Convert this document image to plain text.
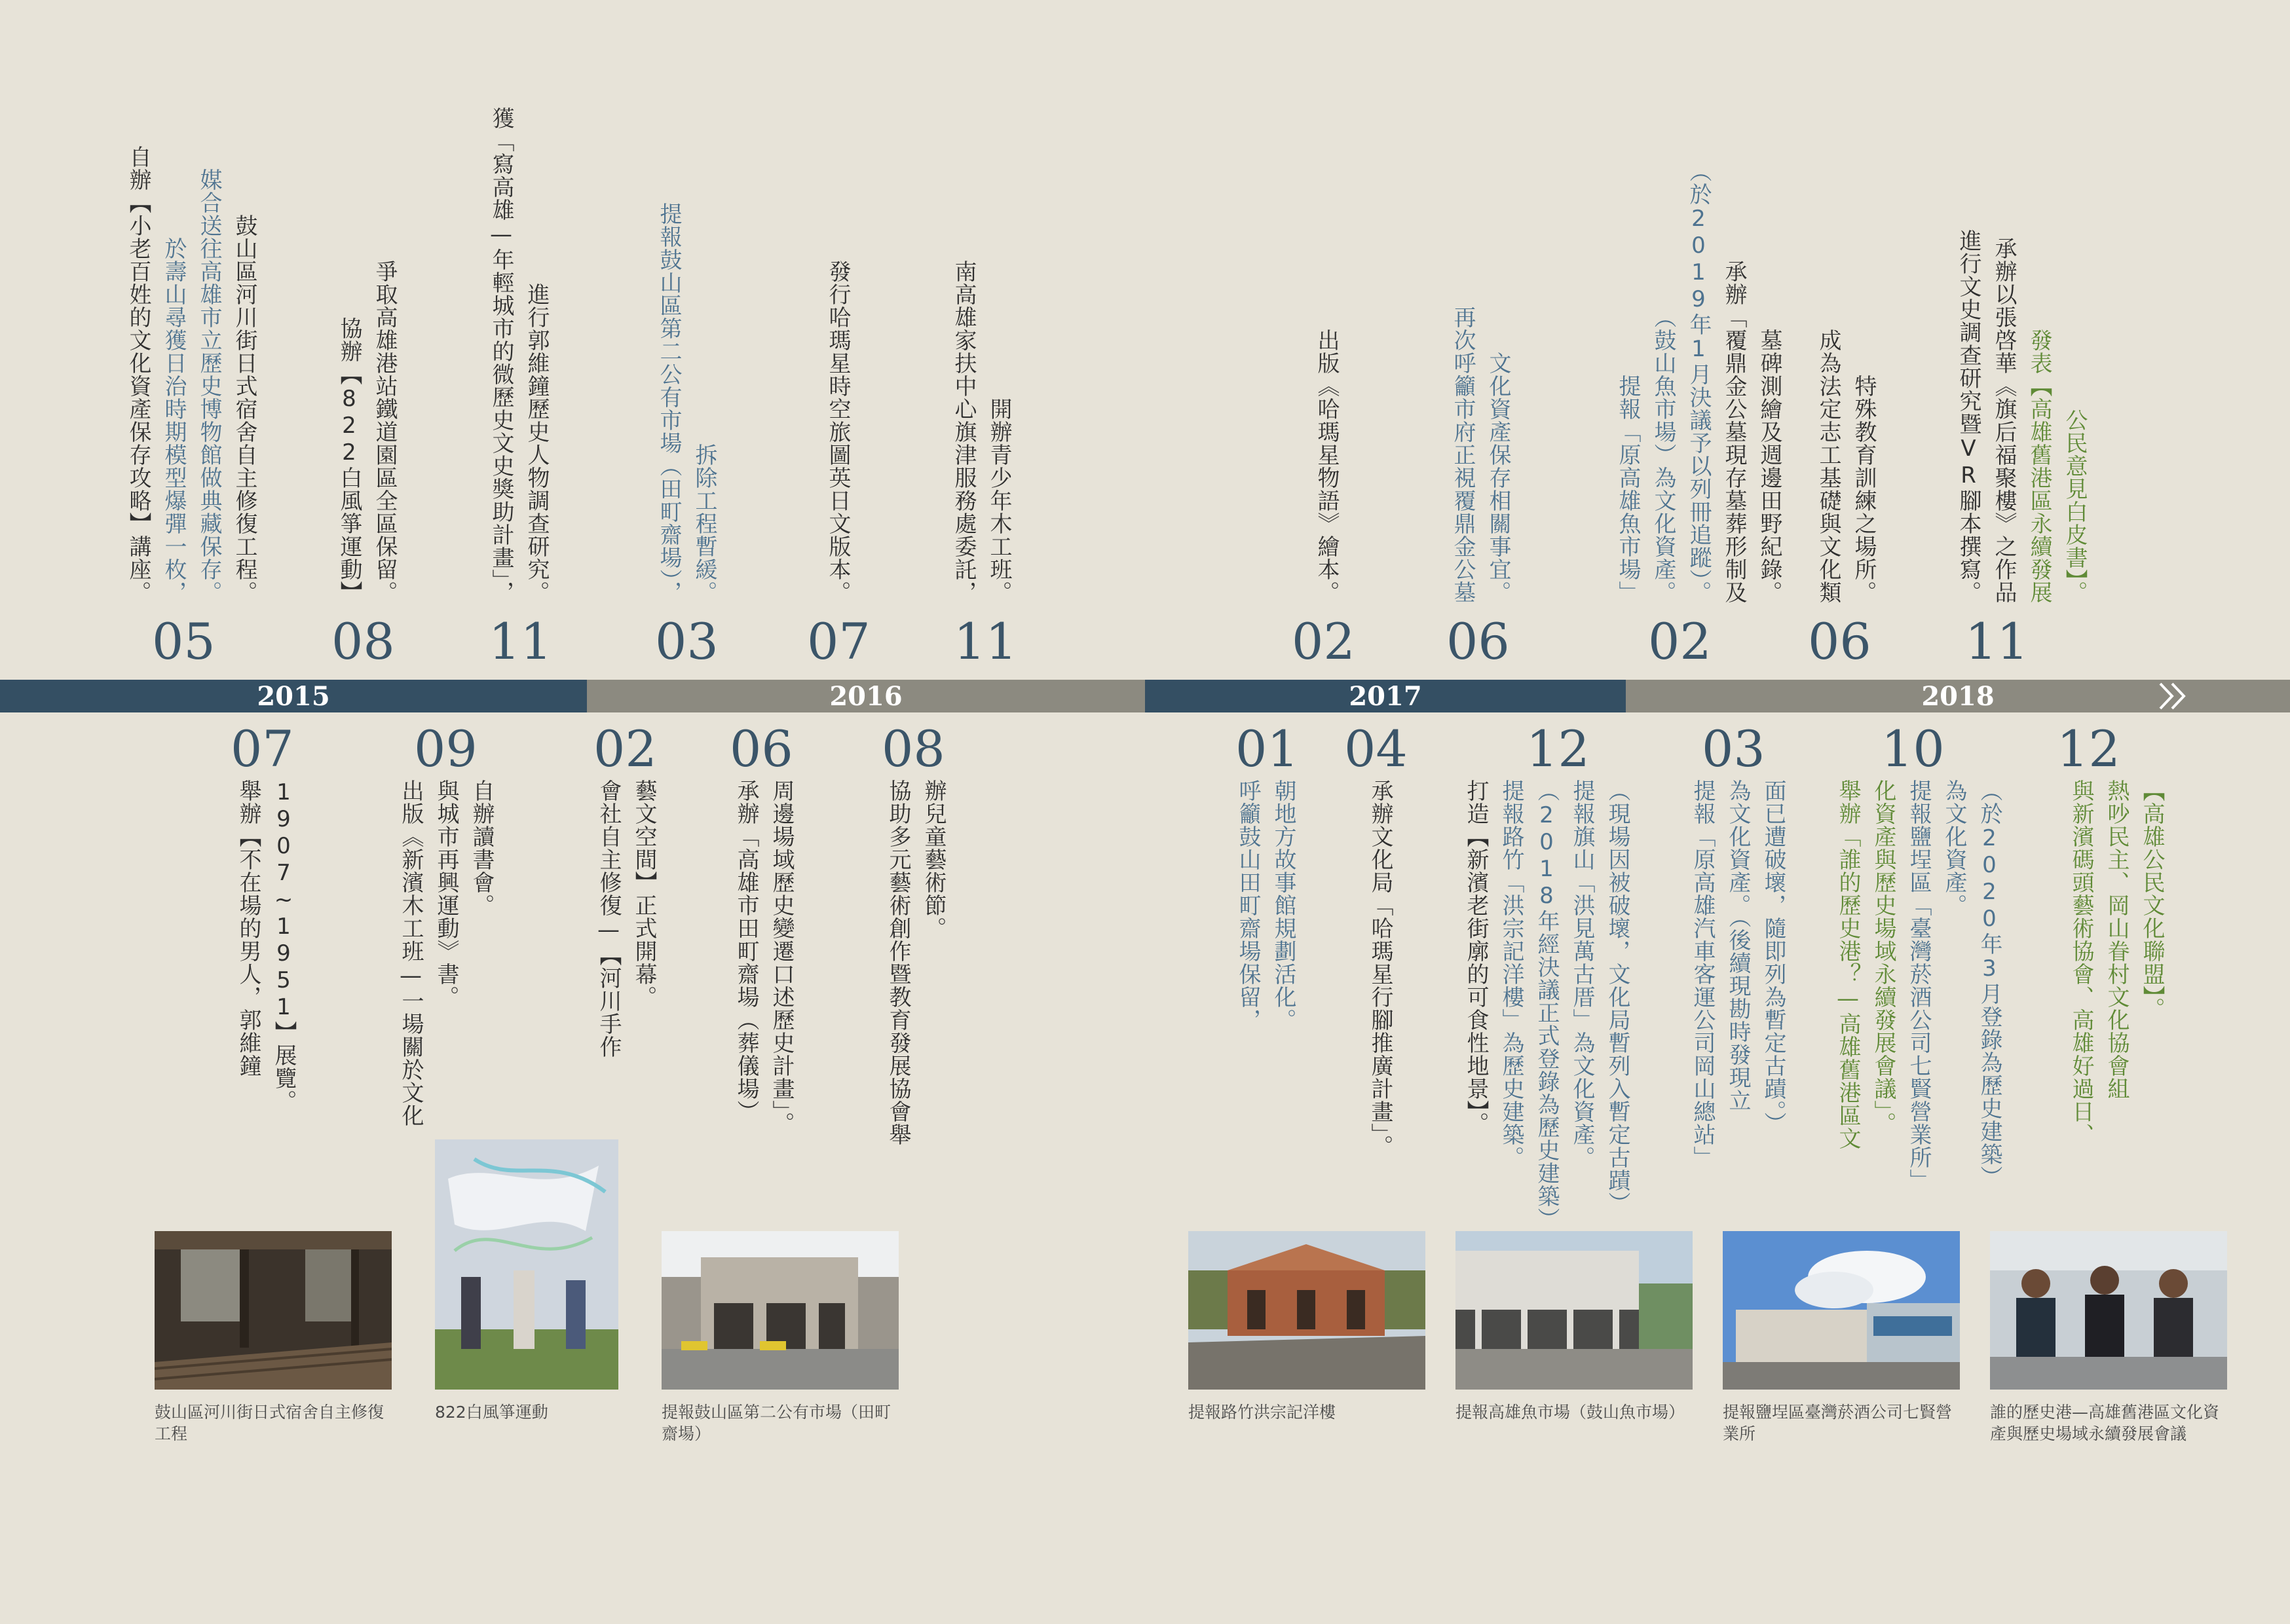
鼓山區河川街日式宿舍自主修復工程。
媒合送往高雄市立歷史博物館做典藏保存。
於壽山尋獲日治時期模型爆彈一枚，
自辦【小老百姓的文化資產保存攻略】講座。
05
爭取高雄港站鐵道園區全區保留。
協辦【822白風箏運動】
08
進行郭維鐘歷史人物調查研究。
獲「寫高雄—年輕城市的微歷史文史獎助計畫」，
11
拆除工程暫緩。
提報鼓山區第二公有市場（田町齋場），
03
發行哈瑪星時空旅圖英日文版本。
07
開辦青少年木工班。
南高雄家扶中心旗津服務處委託，
11
出版《哈瑪星物語》繪本。
02
文化資產保存相關事宜。
再次呼籲市府正視覆鼎金公墓
06
墓碑測繪及週邊田野紀錄。
承辦「覆鼎金公墓現存墓葬形制及
（於2019年1月決議予以列冊追蹤）。
（鼓山魚市場）為文化資產。
提報「原高雄魚市場」
02
特殊教育訓練之場所。
成為法定志工基礎與文化類
06
公民意見白皮書】。
發表【高雄舊港區永續發展
承辦以張啓華《旗后福聚樓》之作品
進行文史調查研究暨VR腳本撰寫。
11
2015	2016	2017	2018
07
1907~1951】展覽。
舉辦【不在場的男人，郭維鐘
09
自辦讀書會。
與城市再興運動》書。
出版《新濱木工班—一場關於文化
02
藝文空間】正式開幕。
會社自主修復—【河川手作
06
周邊場域歷史變遷口述歷史計畫」。
承辦「高雄市田町齋場（葬儀場）
08
辦兒童藝術節。
協助多元藝術創作暨教育發展協會舉
01
朝地方故事館規劃活化。
呼籲鼓山田町齋場保留，
04
承辦文化局「哈瑪星行腳推廣計畫」。
12
（現場因被破壞，文化局暫列入暫定古蹟）
提報旗山「洪見萬古厝」為文化資產。
（2018年經決議正式登錄為歷史建築）
提報路竹「洪宗記洋樓」為歷史建築。
打造【新濱老街廓的可食性地景】。
03
面已遭破壞，隨即列為暫定古蹟。）
為文化資產。（後續現勘時發現立
提報「原高雄汽車客運公司岡山總站」
10
（於2020年3月登錄為歷史建築）
為文化資產。
提報鹽埕區「臺灣菸酒公司七賢營業所」
化資產與歷史場域永續發展會議」。
舉辦「誰的歷史港？—高雄舊港區文
12
【高雄公民文化聯盟】。
熱吵民主、岡山眷村文化協會組
與新濱碼頭藝術協會、高雄好過日、
鼓山區河川街日式宿舍自主修復工程
822白風箏運動	提報鼓山區第二公有市場（田町齋場）
提報路竹洪宗記洋樓	提報高雄魚市場（鼓山魚市場）	提報鹽埕區臺灣菸酒公司七賢營業所
誰的歷史港—高雄舊港區文化資產與歷史場域永續發展會議
